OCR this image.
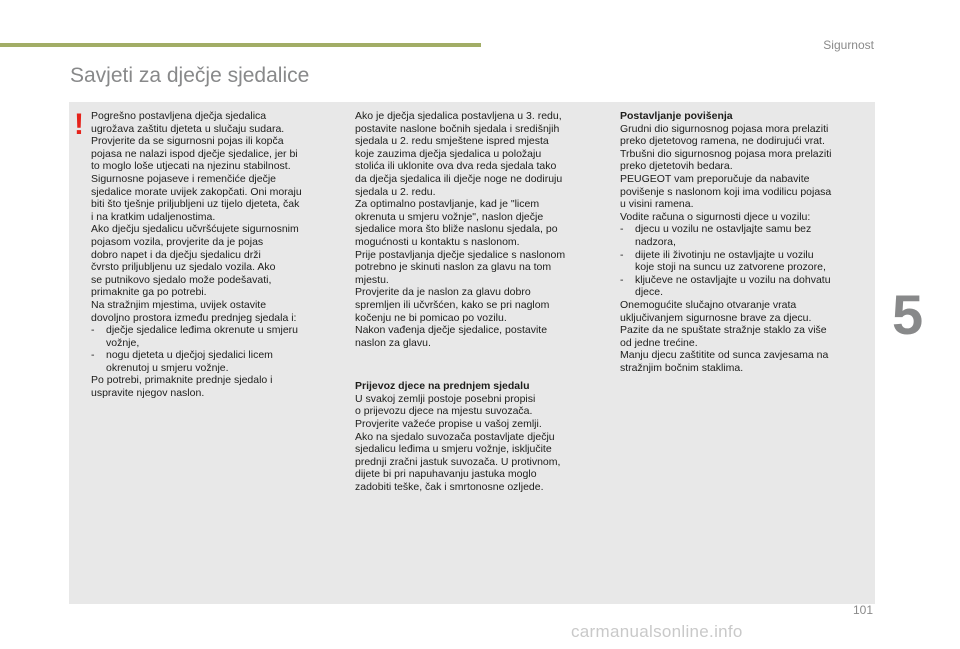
Sigurnost
Savjeti za dječje sjedalice
! Pogrešno postavljena dječja sjedalica
ugrožava zaštitu djeteta u slučaju sudara.
Provjerite da se sigurnosni pojas ili kopča
pojasa ne nalazi ispod dječje sjedalice, jer bi
to moglo loše utjecati na njezinu stabilnost.
Sigurnosne pojaseve i remenčiće dječje
sjedalice morate uvijek zakopčati. Oni moraju
biti što tješnje priljubljeni uz tijelo djeteta, čak
i na kratkim udaljenostima.
Ako dječju sjedalicu učvršćujete sigurnosnim
pojasom vozila, provjerite da je pojas
dobro napet i da dječju sjedalicu drži
čvrsto priljubljenu uz sjedalo vozila. Ako
se putnikovo sjedalo može podešavati,
primaknite ga po potrebi.
Na stražnjim mjestima, uvijek ostavite
dovoljno prostora između prednjeg sjedala i:

- dječje sjedalice leđima okrenute u smjeru
vožnje,

- nogu djeteta u dječjoj sjedalici licem
okrenutoj u smjeru vožnje.

Po potrebi, primaknite prednje sjedalo i
uspravite njegov naslon.

Ako je dječja sjedalica postavljena u 3. redu,
postavite naslone bočnih sjedala i središnjih
sjedala u 2. redu smještene ispred mjesta
koje zauzima dječja sjedalica u položaju
stolića ili uklonite ova dva reda sjedala tako
da dječja sjedalica ili dječje noge ne dodiruju
sjedala u 2. redu.
Za optimalno postavljanje, kad je "licem
okrenuta u smjeru vožnje", naslon dječje
sjedalice mora što bliže naslonu sjedala, po
mogućnosti u kontaktu s naslonom.
Prije postavljanja dječje sjedalice s naslonom
potrebno je skinuti naslon za glavu na tom
mjestu.
Provjerite da je naslon za glavu dobro
spremljen ili učvršćen, kako se pri naglom
kočenju ne bi pomicao po vozilu.
Nakon vađenja dječje sjedalice, postavite
naslon za glavu.

Prijevoz djece na prednjem sjedalu

U svakoj zemlji postoje posebni propisi
o prijevozu djece na mjestu suvozača.
Provjerite važeće propise u vašoj zemlji.
Ako na sjedalo suvozača postavljate dječju
sjedalicu leđima u smjeru vožnje, isključite
prednji zračni jastuk suvozača. U protivnom,
dijete bi pri napuhavanju jastuka moglo
zadobiti teške, čak i smrtonosne ozljede.

Postavljanje povišenja

Grudni dio sigurnosnog pojasa mora prelaziti
preko djetetovog ramena, ne dodirujući vrat.
Trbušni dio sigurnosnog pojasa mora prelaziti
preko djetetovih bedara.
PEUGEOT vam preporučuje da nabavite
povišenje s naslonom koji ima vodilicu pojasa
u visini ramena.
Vodite računa o sigurnosti djece u vozilu:

- djecu u vozilu ne ostavljajte samu bez
nadzora,

- dijete ili životinju ne ostavljajte u vozilu
koje stoji na suncu uz zatvorene prozore,

- ključeve ne ostavljajte u vozilu na dohvatu
djece.

Onemogućite slučajno otvaranje vrata
uključivanjem sigurnosne brave za djecu.
Pazite da ne spuštate stražnje staklo za više
od jedne trećine.
Manju djecu zaštitite od sunca zavjesama na
stražnjim bočnim staklima.

5
101
carmanualsonline.info
